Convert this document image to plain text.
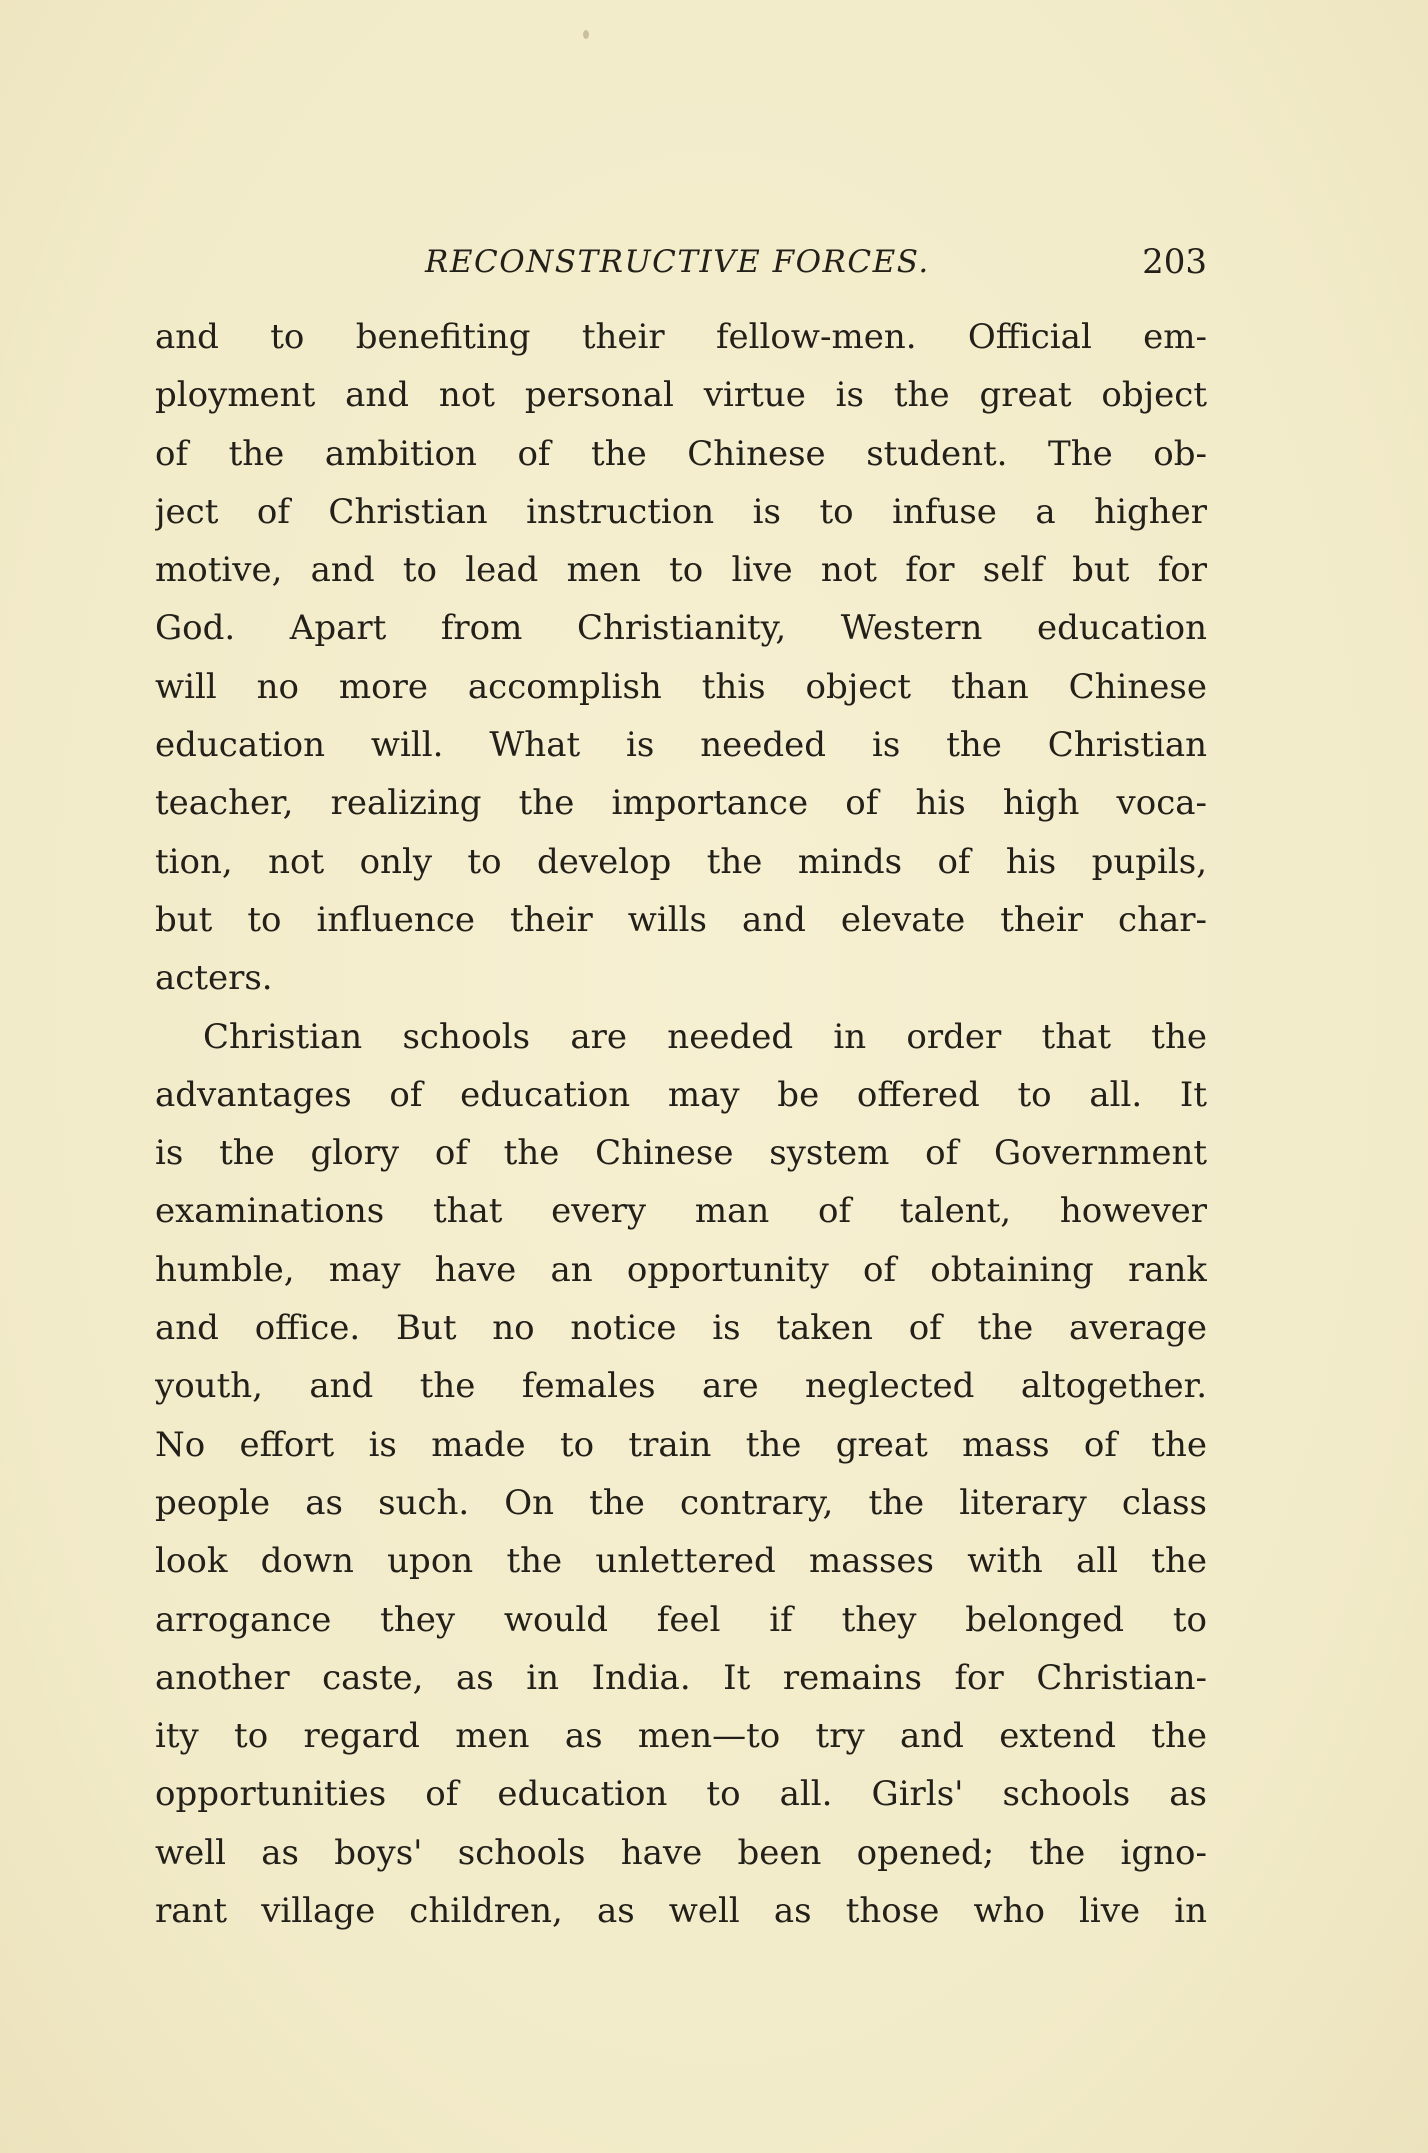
RECONSTRUCTIVE FORCES.	203
and to benefiting their fellow-men. Official em-
ployment and not personal virtue is the great object
of the ambition of the Chinese student. The ob-
ject of Christian instruction is to infuse a higher
motive, and to lead men to live not for self but for
God. Apart from Christianity, Western education
will no more accomplish this object than Chinese
education will. What is needed is the Christian
teacher, realizing the importance of his high voca-
tion, not only to develop the minds of his pupils,
but to influence their wills and elevate their char-
acters.
Christian schools are needed in order that the
advantages of education may be offered to all. It
is the glory of the Chinese system of Government
examinations that every man of talent, however
humble, may have an opportunity of obtaining rank
and office. But no notice is taken of the average
youth, and the females are neglected altogether.
No effort is made to train the great mass of the
people as such. On the contrary, the literary class
look down upon the unlettered masses with all the
arrogance they would feel if they belonged to
another caste, as in India. It remains for Christian-
ity to regard men as men—to try and extend the
opportunities of education to all. Girls' schools as
well as boys' schools have been opened; the igno-
rant village children, as well as those who live in
